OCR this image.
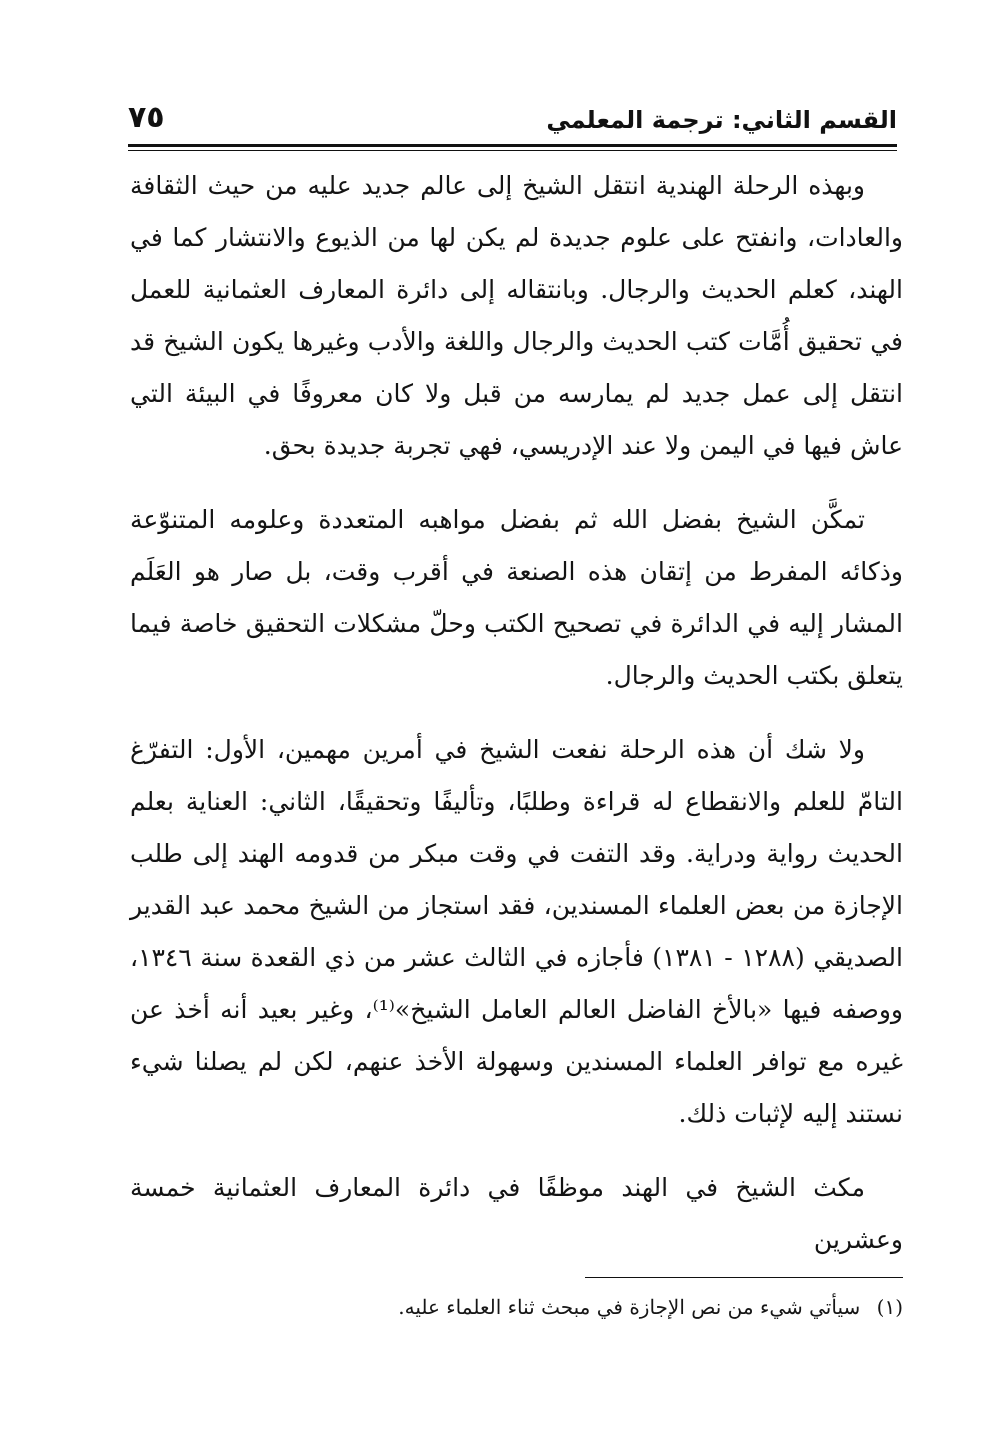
القسم الثاني: ترجمة المعلمي
٧٥

وبهذه الرحلة الهندية انتقل الشيخ إلى عالم جديد عليه من حيث الثقافة والعادات، وانفتح على علوم جديدة لم يكن لها من الذيوع والانتشار كما في الهند، كعلم الحديث والرجال. وبانتقاله إلى دائرة المعارف العثمانية للعمل في تحقيق أُمَّات كتب الحديث والرجال واللغة والأدب وغيرها يكون الشيخ قد انتقل إلى عمل جديد لم يمارسه من قبل ولا كان معروفًا في البيئة التي عاش فيها في اليمن ولا عند الإدريسي، فهي تجربة جديدة بحق.

تمكَّن الشيخ بفضل الله ثم بفضل مواهبه المتعددة وعلومه المتنوّعة وذكائه المفرط من إتقان هذه الصنعة في أقرب وقت، بل صار هو العَلَم المشار إليه في الدائرة في تصحيح الكتب وحلّ مشكلات التحقيق خاصة فيما يتعلق بكتب الحديث والرجال.

ولا شك أن هذه الرحلة نفعت الشيخ في أمرين مهمين، الأول: التفرّغ التامّ للعلم والانقطاع له قراءة وطلبًا، وتأليفًا وتحقيقًا، الثاني: العناية بعلم الحديث رواية ودراية. وقد التفت في وقت مبكر من قدومه الهند إلى طلب الإجازة من بعض العلماء المسندين، فقد استجاز من الشيخ محمد عبد القدير الصديقي (١٢٨٨ - ١٣٨١) فأجازه في الثالث عشر من ذي القعدة سنة ١٣٤٦، ووصفه فيها «بالأخ الفاضل العالم العامل الشيخ»⁽¹⁾، وغير بعيد أنه أخذ عن غيره مع توافر العلماء المسندين وسهولة الأخذ عنهم، لكن لم يصلنا شيء نستند إليه لإثبات ذلك.

مكث الشيخ في الهند موظفًا في دائرة المعارف العثمانية خمسة وعشرين

(١) سيأتي شيء من نص الإجازة في مبحث ثناء العلماء عليه.
